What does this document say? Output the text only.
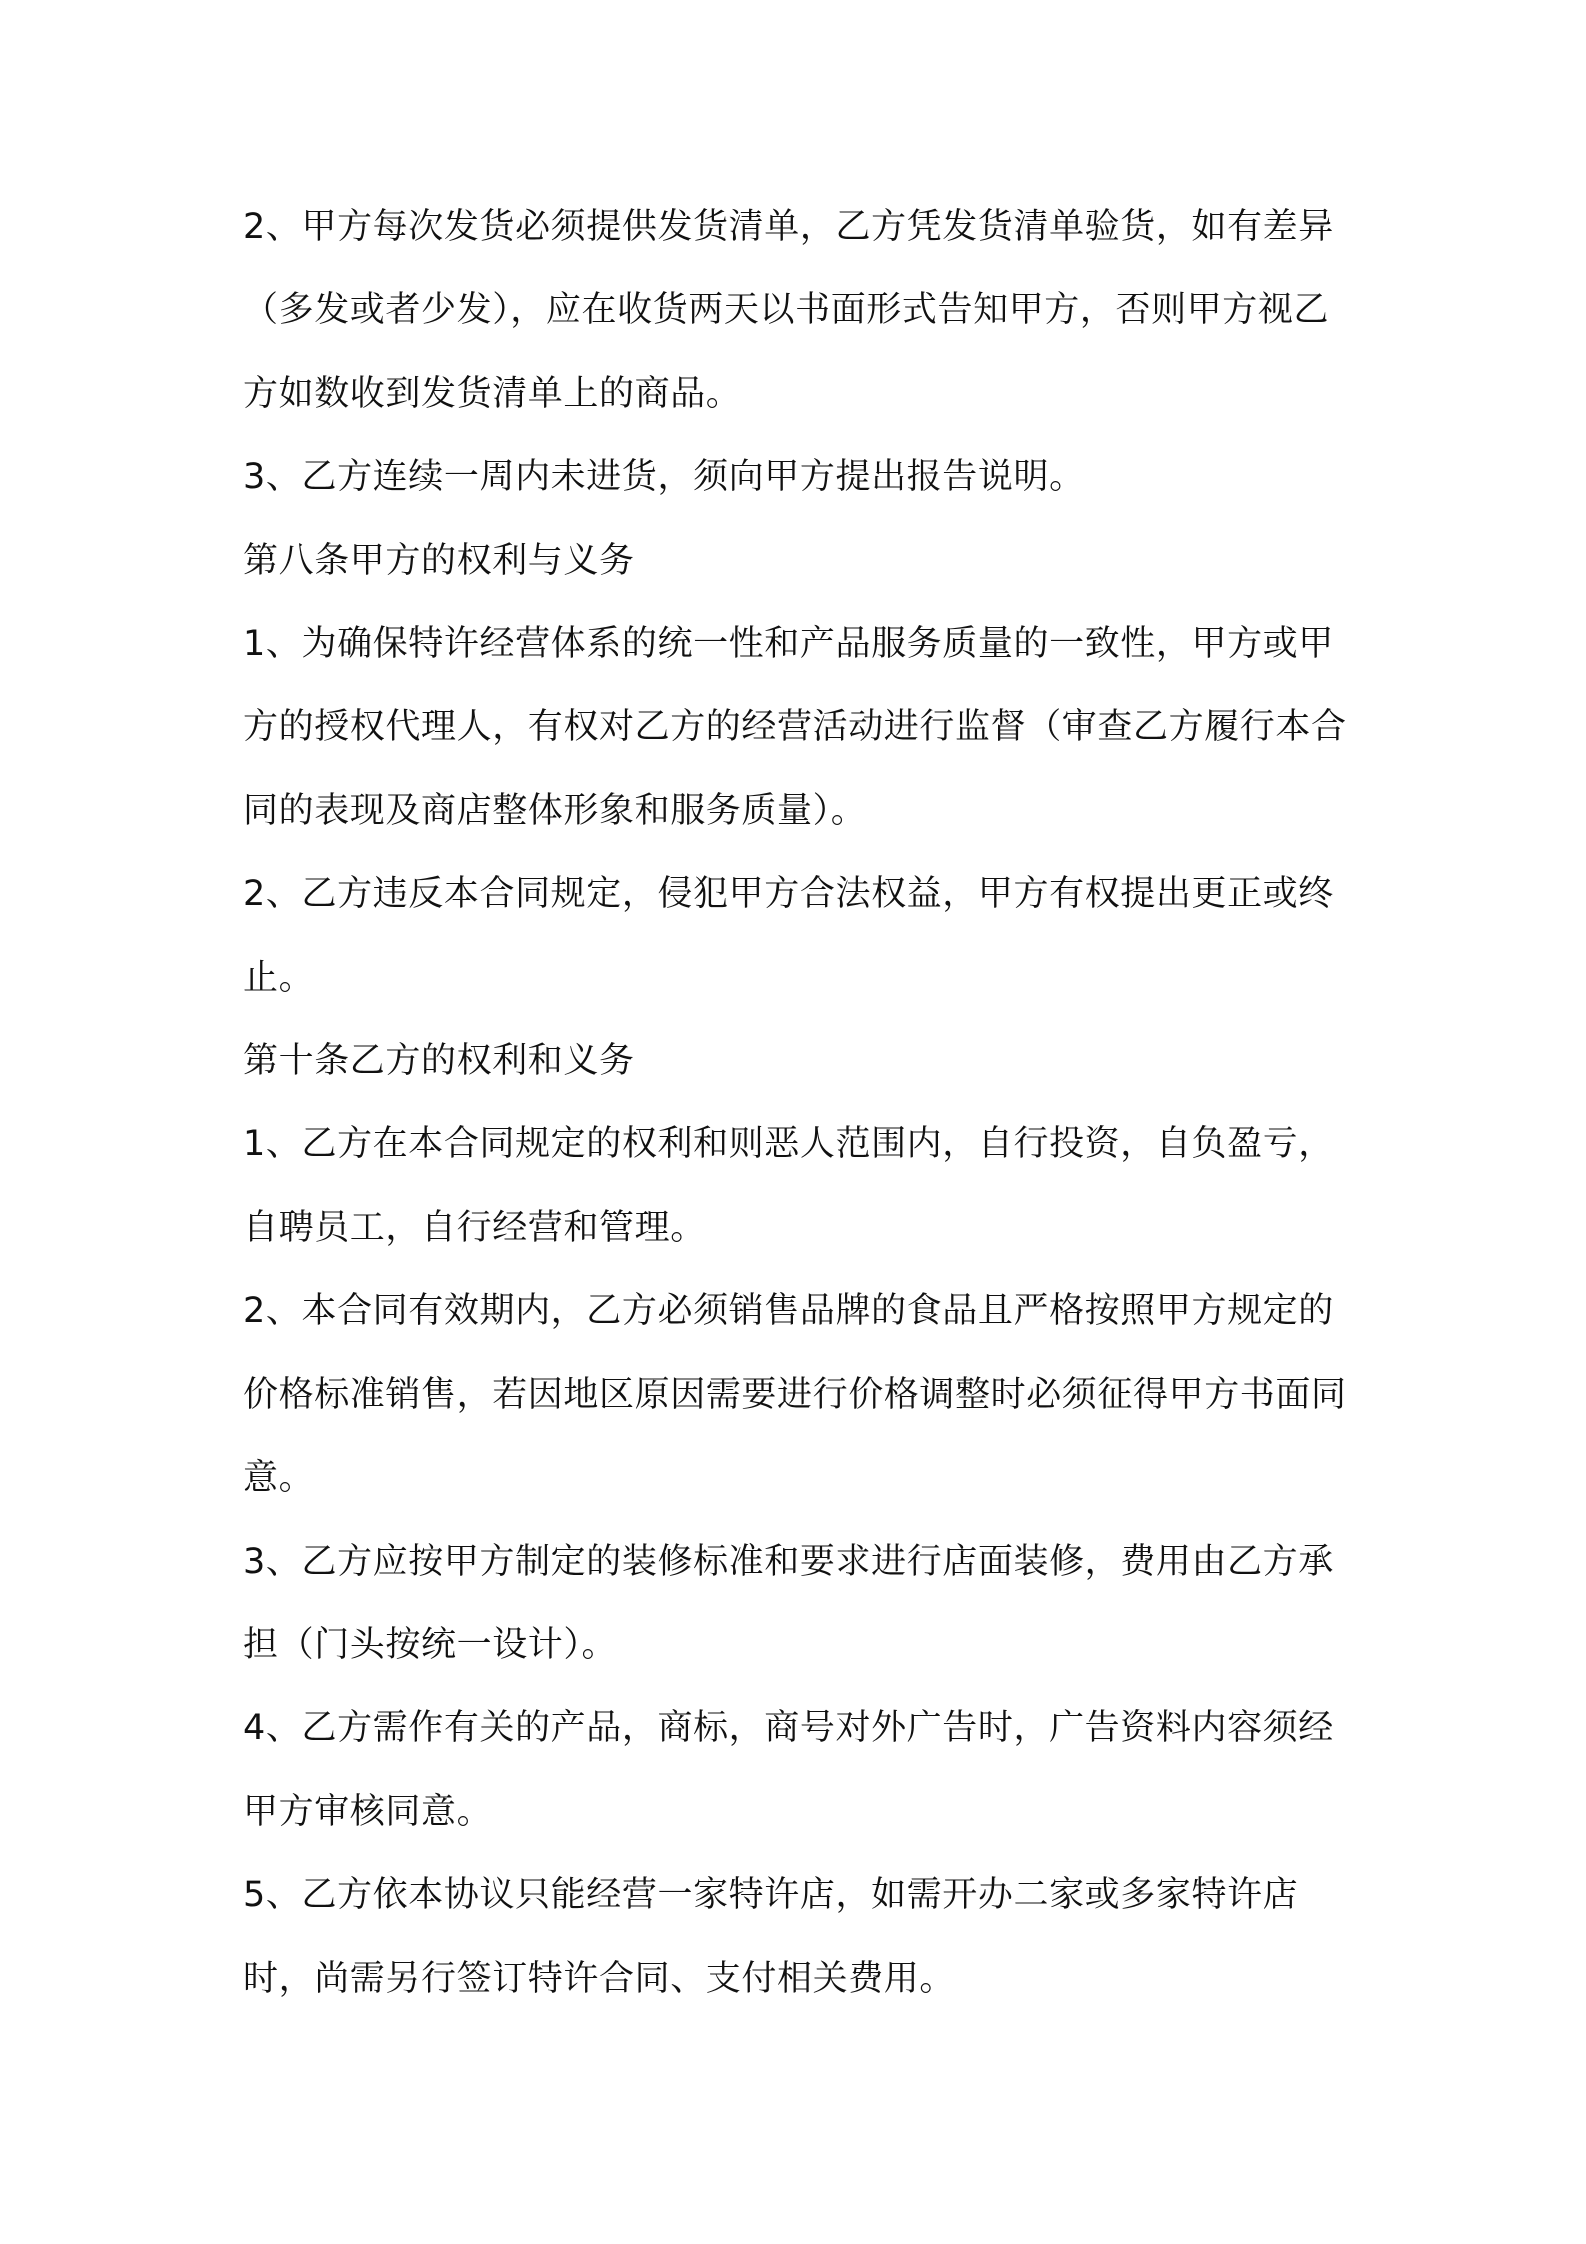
2、甲方每次发货必须提供发货清单，乙方凭发货清单验货，如有差异（多发或者少发），应在收货两天以书面形式告知甲方，否则甲方视乙方如数收到发货清单上的商品。

3、乙方连续一周内未进货，须向甲方提出报告说明。

第八条甲方的权利与义务

1、为确保特许经营体系的统一性和产品服务质量的一致性，甲方或甲方的授权代理人，有权对乙方的经营活动进行监督（审查乙方履行本合同的表现及商店整体形象和服务质量）。

2、乙方违反本合同规定，侵犯甲方合法权益，甲方有权提出更正或终止。

第十条乙方的权利和义务

1、乙方在本合同规定的权利和则恶人范围内，自行投资，自负盈亏，自聘员工，自行经营和管理。

2、本合同有效期内，乙方必须销售品牌的食品且严格按照甲方规定的价格标准销售，若因地区原因需要进行价格调整时必须征得甲方书面同意。

3、乙方应按甲方制定的装修标准和要求进行店面装修，费用由乙方承担（门头按统一设计）。

4、乙方需作有关的产品，商标，商号对外广告时，广告资料内容须经甲方审核同意。

5、乙方依本协议只能经营一家特许店，如需开办二家或多家特许店时，尚需另行签订特许合同、支付相关费用。
